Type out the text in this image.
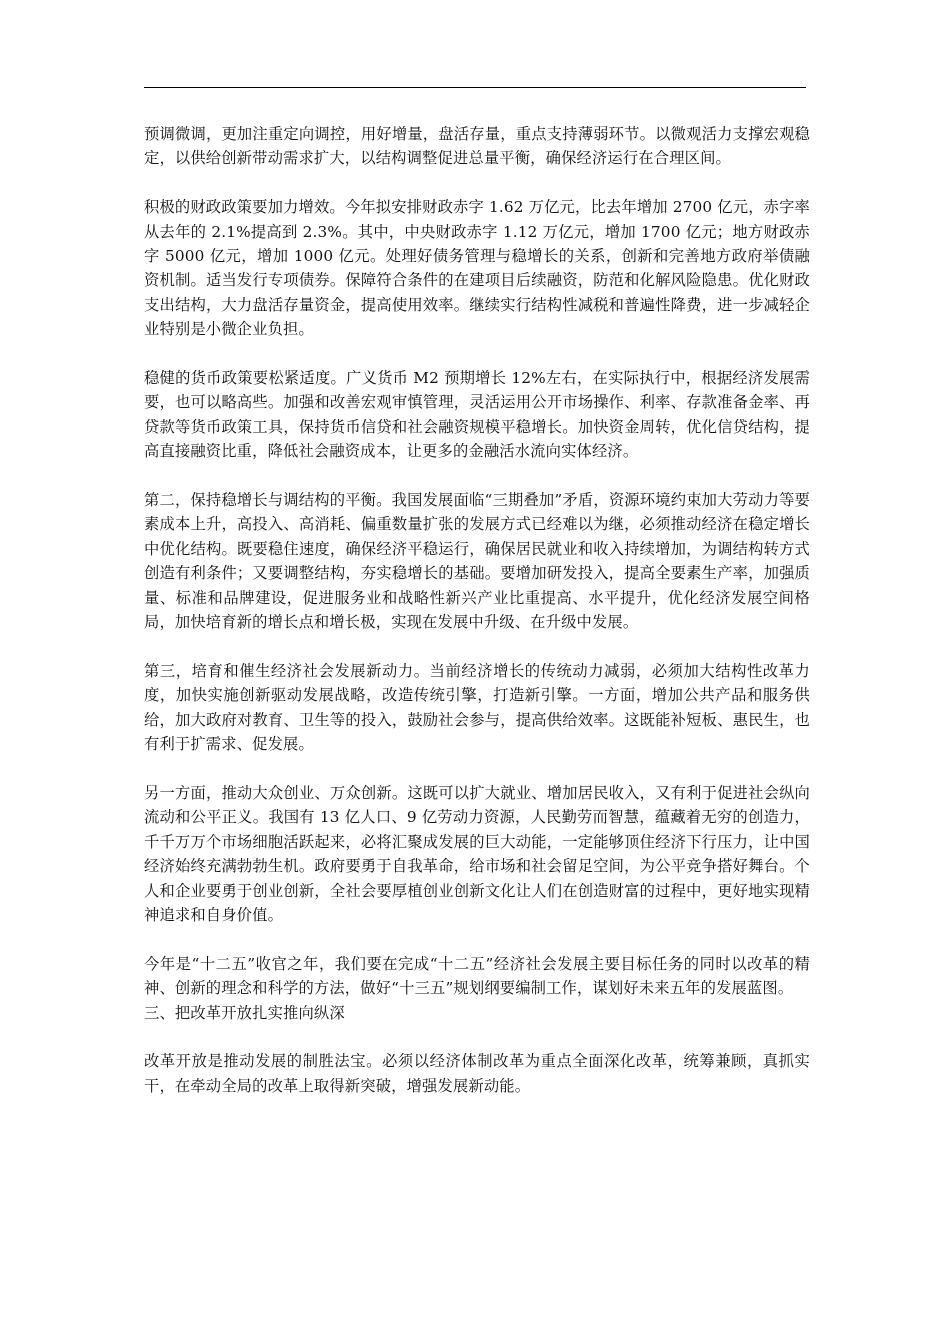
预调微调，更加注重定向调控，用好增量，盘活存量，重点支持薄弱环节。以微观活力支撑宏观稳定，以供给创新带动需求扩大，以结构调整促进总量平衡，确保经济运行在合理区间。

积极的财政政策要加力增效。今年拟安排财政赤字 1.62 万亿元，比去年增加 2700 亿元，赤字率从去年的 2.1%提高到 2.3%。其中，中央财政赤字 1.12 万亿元，增加 1700 亿元；地方财政赤字 5000 亿元，增加 1000 亿元。处理好债务管理与稳增长的关系，创新和完善地方政府举债融资机制。适当发行专项债券。保障符合条件的在建项目后续融资，防范和化解风险隐患。优化财政支出结构，大力盘活存量资金，提高使用效率。继续实行结构性减税和普遍性降费，进一步减轻企业特别是小微企业负担。

稳健的货币政策要松紧适度。广义货币 M2 预期增长 12%左右，在实际执行中，根据经济发展需要，也可以略高些。加强和改善宏观审慎管理，灵活运用公开市场操作、利率、存款准备金率、再贷款等货币政策工具，保持货币信贷和社会融资规模平稳增长。加快资金周转，优化信贷结构，提高直接融资比重，降低社会融资成本，让更多的金融活水流向实体经济。

第二，保持稳增长与调结构的平衡。我国发展面临“三期叠加”矛盾，资源环境约束加大劳动力等要素成本上升，高投入、高消耗、偏重数量扩张的发展方式已经难以为继，必须推动经济在稳定增长中优化结构。既要稳住速度，确保经济平稳运行，确保居民就业和收入持续增加，为调结构转方式创造有利条件；又要调整结构，夯实稳增长的基础。要增加研发投入，提高全要素生产率，加强质量、标准和品牌建设，促进服务业和战略性新兴产业比重提高、水平提升，优化经济发展空间格局，加快培育新的增长点和增长极，实现在发展中升级、在升级中发展。

第三，培育和催生经济社会发展新动力。当前经济增长的传统动力减弱，必须加大结构性改革力度，加快实施创新驱动发展战略，改造传统引擎，打造新引擎。一方面，增加公共产品和服务供给，加大政府对教育、卫生等的投入，鼓励社会参与，提高供给效率。这既能补短板、惠民生，也有利于扩需求、促发展。

另一方面，推动大众创业、万众创新。这既可以扩大就业、增加居民收入，又有利于促进社会纵向流动和公平正义。我国有 13 亿人口、9 亿劳动力资源，人民勤劳而智慧，蕴藏着无穷的创造力，千千万万个市场细胞活跃起来，必将汇聚成发展的巨大动能，一定能够顶住经济下行压力，让中国经济始终充满勃勃生机。政府要勇于自我革命，给市场和社会留足空间，为公平竞争搭好舞台。个人和企业要勇于创业创新，全社会要厚植创业创新文化让人们在创造财富的过程中，更好地实现精神追求和自身价值。

今年是“十二五”收官之年，我们要在完成“十二五”经济社会发展主要目标任务的同时以改革的精神、创新的理念和科学的方法，做好“十三五”规划纲要编制工作，谋划好未来五年的发展蓝图。

三、把改革开放扎实推向纵深

改革开放是推动发展的制胜法宝。必须以经济体制改革为重点全面深化改革，统筹兼顾，真抓实干，在牵动全局的改革上取得新突破，增强发展新动能。
